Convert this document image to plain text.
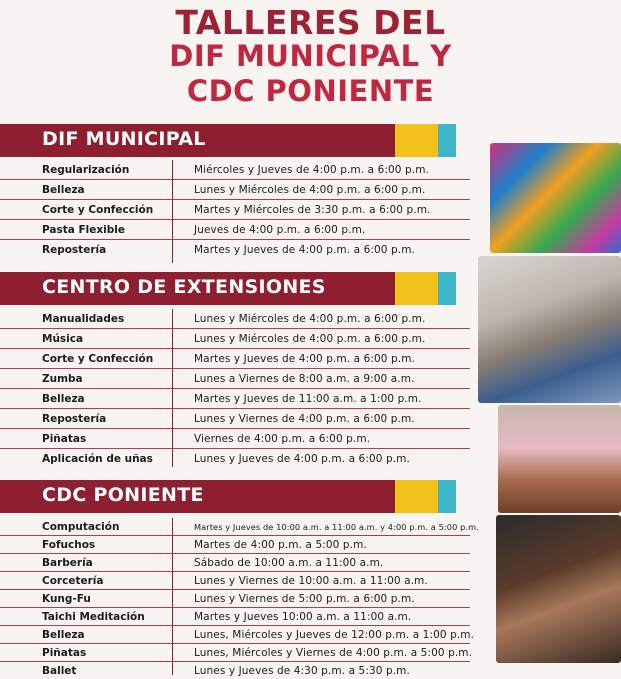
TALLERES DEL
DIF MUNICIPAL Y
CDC PONIENTE
DIF MUNICIPAL
Regularización	Miércoles y Jueves de 4:00 p.m. a 6:00 p.m.
Belleza	Lunes y Miércoles de 4:00 p.m. a 6:00 p.m.
Corte y Confección	Martes y Miércoles de 3:30 p.m. a 6:00 p.m.
Pasta Flexible	Jueves de 4:00 p.m. a 6:00 p.m.
Repostería	Martes y Jueves de 4:00 p.m. a 6:00 p.m.
CENTRO DE EXTENSIONES
Manualidades	Lunes y Miércoles de 4:00 p.m. a 6:00 p.m.
Música	Lunes y Miércoles de 4:00 p.m. a 6:00 p.m.
Corte y Confección	Martes y Jueves de 4:00 p.m. a 6:00 p.m.
Zumba	Lunes a Viernes de 8:00 a.m. a 9:00 a.m.
Belleza	Martes y Jueves de 11:00 a.m. a 1:00 p.m.
Repostería	Lunes y Viernes de 4:00 p.m. a 6:00 p.m.
Piñatas	Viernes de 4:00 p.m. a 6:00 p.m.
Aplicación de uñas	Lunes y Jueves de 4:00 p.m. a 6:00 p.m.
CDC PONIENTE
Computación	Martes y Jueves de 10:00 a.m. a 11:00 a.m. y 4:00 p.m. a 5:00 p.m.
Fofuchos	Martes de 4:00 p.m. a 5:00 p.m.
Barbería	Sábado de 10:00 a.m. a 11:00 a.m.
Corcetería	Lunes y Viernes de 10:00 a.m. a 11:00 a.m.
Kung-Fu	Lunes y Viernes de 5:00 p.m. a 6:00 p.m.
Taichi Meditación	Martes y Jueves 10:00 a.m. a 11:00 a.m.
Belleza	Lunes, Miércoles y Jueves de 12:00 p.m. a 1:00 p.m.
Piñatas	Lunes, Miércoles y Viernes de 4:00 p.m. a 5:00 p.m.
Ballet	Lunes y Jueves de 4:30 p.m. a 5:30 p.m.
